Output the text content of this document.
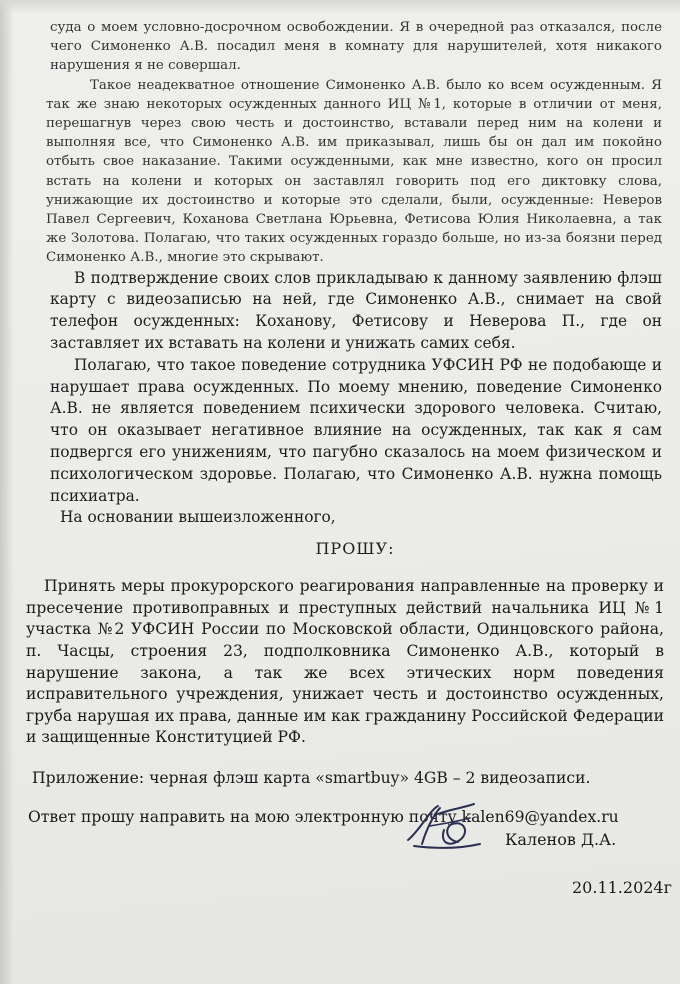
суда о моем условно-досрочном освобождении. Я в очередной раз отказался, после чего Симоненко А.В. посадил меня в комнату для нарушителей, хотя никакого нарушения я не совершал.

Такое неадекватное отношение Симоненко А.В. было ко всем осужденным. Я так же знаю некоторых осужденных данного ИЦ №1, которые в отличии от меня, перешагнув через свою честь и достоинство, вставали перед ним на колени и выполняя все, что Симоненко А.В. им приказывал, лишь бы он дал им покойно отбыть свое наказание. Такими осужденными, как мне известно, кого он просил встать на колени и которых он заставлял говорить под его диктовку слова, унижающие их достоинство и которые это сделали, были, осужденные: Неверов Павел Сергеевич, Коханова Светлана Юрьевна, Фетисова Юлия Николаевна, а так же Золотова. Полагаю, что таких осужденных гораздо больше, но из-за боязни перед Симоненко А.В., многие это скрывают.

В подтверждение своих слов прикладываю к данному заявлению флэш карту с видеозаписью на ней, где Симоненко А.В., снимает на свой телефон осужденных: Коханову, Фетисову и Неверова П., где он заставляет их вставать на колени и унижать самих себя.

Полагаю, что такое поведение сотрудника УФСИН РФ не подобающе и нарушает права осужденных. По моему мнению, поведение Симоненко А.В. не является поведением психически здорового человека. Считаю, что он оказывает негативное влияние на осужденных, так как я сам подвергся его унижениям, что пагубно сказалось на моем физическом и психологическом здоровье. Полагаю, что Симоненко А.В. нужна помощь психиатра.

На основании вышеизложенного,

ПРОШУ:

Принять меры прокурорского реагирования направленные на проверку и пресечение противоправных и преступных действий начальника ИЦ №1 участка №2 УФСИН России по Московской области, Одинцовского района, п. Часцы, строения 23, подполковника Симоненко А.В., который в нарушение закона, а так же всех этических норм поведения исправительного учреждения, унижает честь и достоинство осужденных, груба нарушая их права, данные им как гражданину Российской Федерации и защищенные Конституцией РФ.

Приложение: черная флэш карта «smartbuy» 4GB – 2 видеозаписи.
Ответ прошу направить на мою электронную почту kalen69@yandex.ru
Каленов Д.А.
20.11.2024г
